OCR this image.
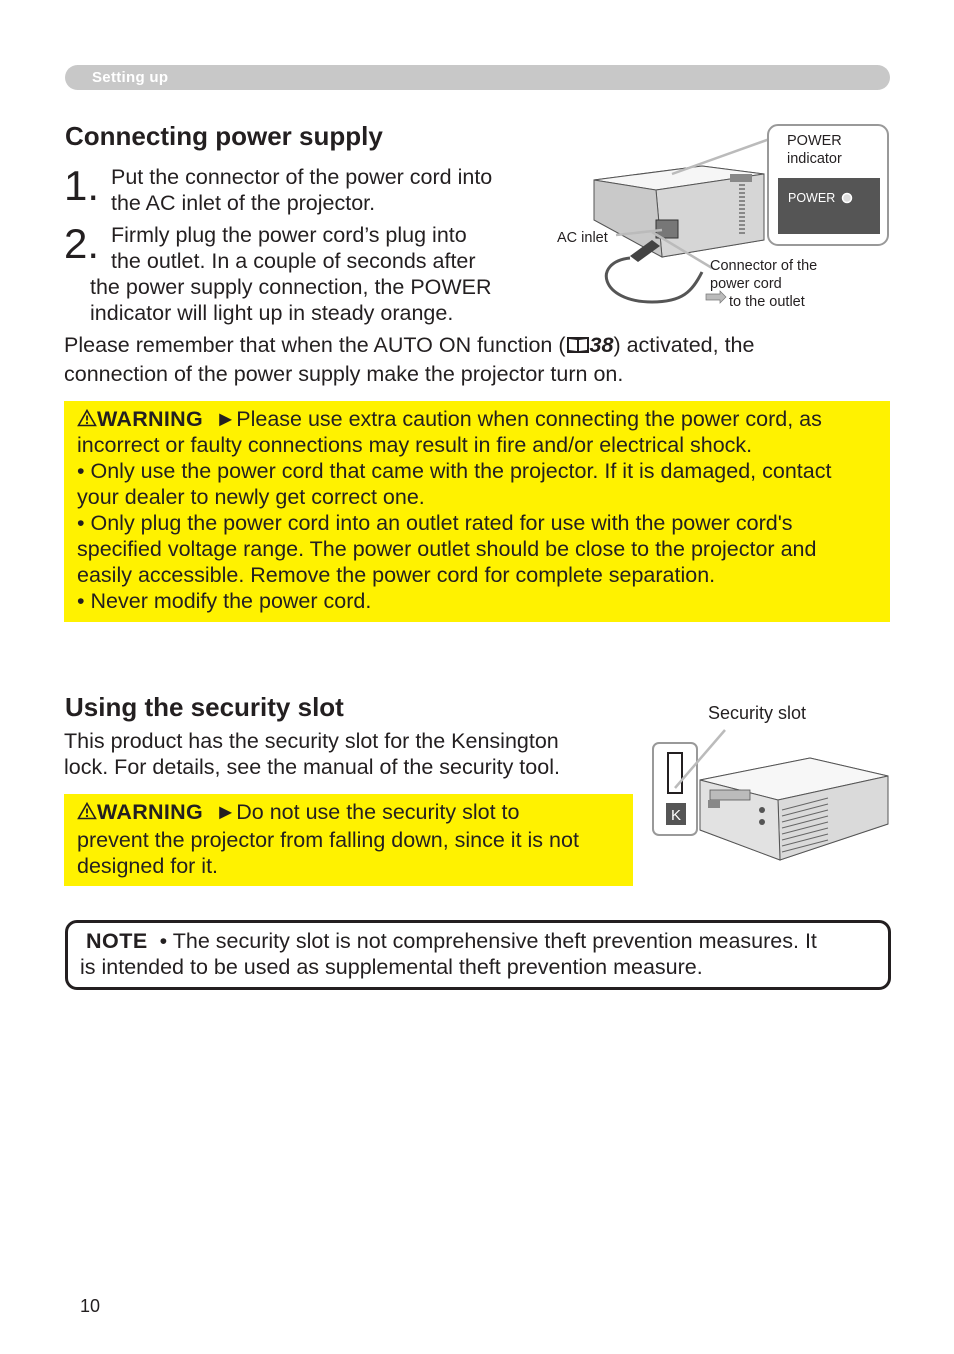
Setting up
Connecting power supply
1. Put the connector of the power cord into
the AC inlet of the projector.
2. Firmly plug the power cord’s plug into
the outlet. In a couple of seconds after
the power supply connection, the POWER
indicator will light up in steady orange.
Please remember that when the AUTO ON function ( 38) activated, the
connection of the power supply make the projector turn on.
POWER
indicator
POWER
AC inlet
Connector of the
power cord
to the outlet
WARNING ►Please use extra caution when connecting the power cord, as
incorrect or faulty connections may result in fire and/or electrical shock.
• Only use the power cord that came with the projector. If it is damaged, contact
your dealer to newly get correct one.
• Only plug the power cord into an outlet rated for use with the power cord's
specified voltage range. The power outlet should be close to the projector and
easily accessible. Remove the power cord for complete separation.
• Never modify the power cord.
Using the security slot
This product has the security slot for the Kensington
lock. For details, see the manual of the security tool.
K
Security slot
WARNING ►Do not use the security slot to
prevent the projector from falling down, since it is not
designed for it.
NOTE • The security slot is not comprehensive theft prevention measures. It
is intended to be used as supplemental theft prevention measure.
10
